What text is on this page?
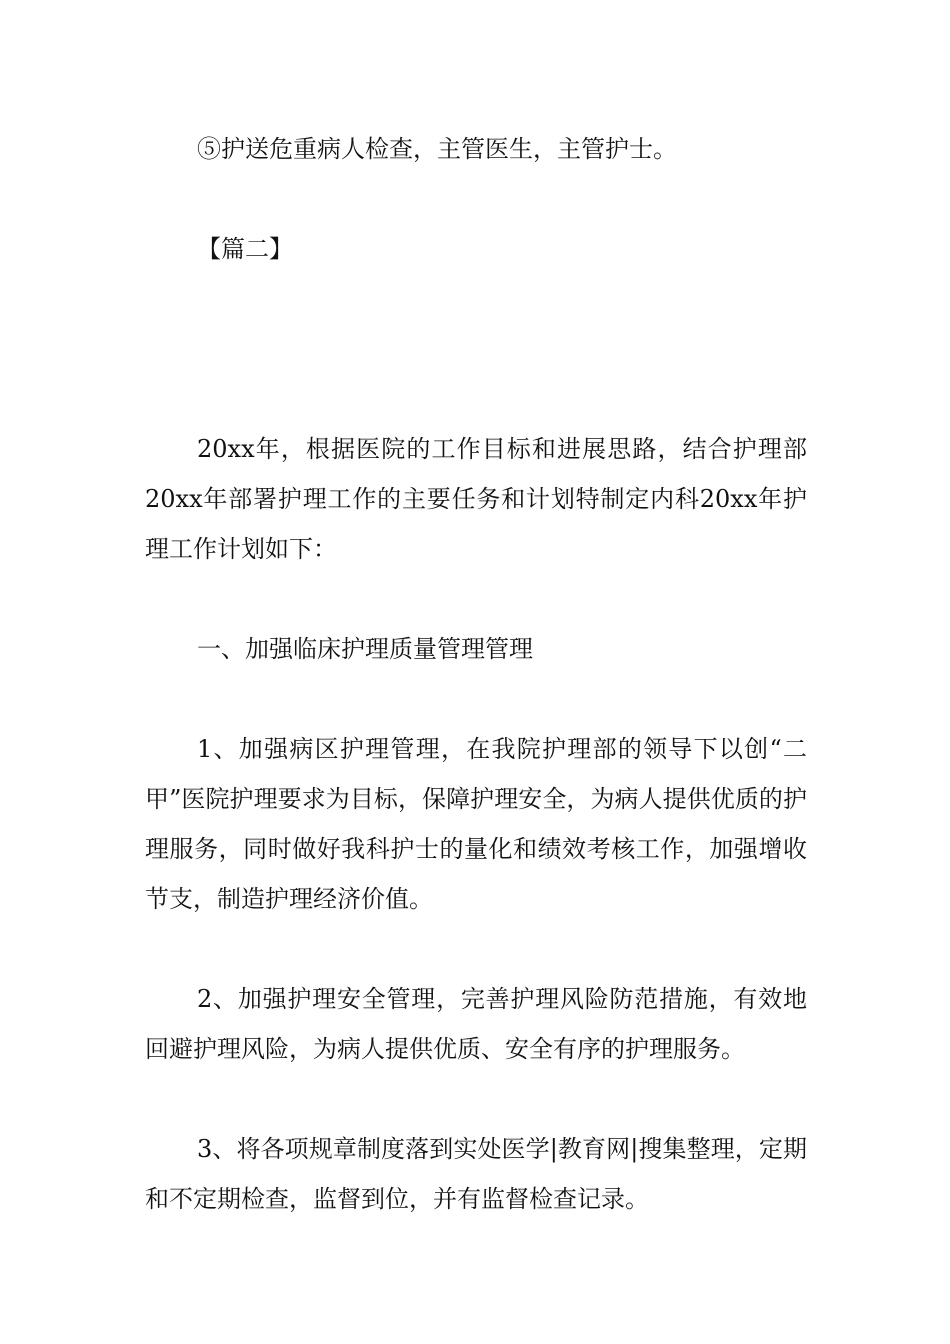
⑤护送危重病人检查，主管医生，主管护士。

【篇二】

20xx年，根据医院的工作目标和进展思路，结合护理部20xx年部署护理工作的主要任务和计划特制定内科20xx年护理工作计划如下：

一、加强临床护理质量管理管理

1、加强病区护理管理，在我院护理部的领导下以创“二甲”医院护理要求为目标，保障护理安全，为病人提供优质的护理服务，同时做好我科护士的量化和绩效考核工作，加强增收节支，制造护理经济价值。

2、加强护理安全管理，完善护理风险防范措施，有效地回避护理风险，为病人提供优质、安全有序的护理服务。

3、将各项规章制度落到实处医学|教育网|搜集整理，定期和不定期检查，监督到位，并有监督检查记录。
